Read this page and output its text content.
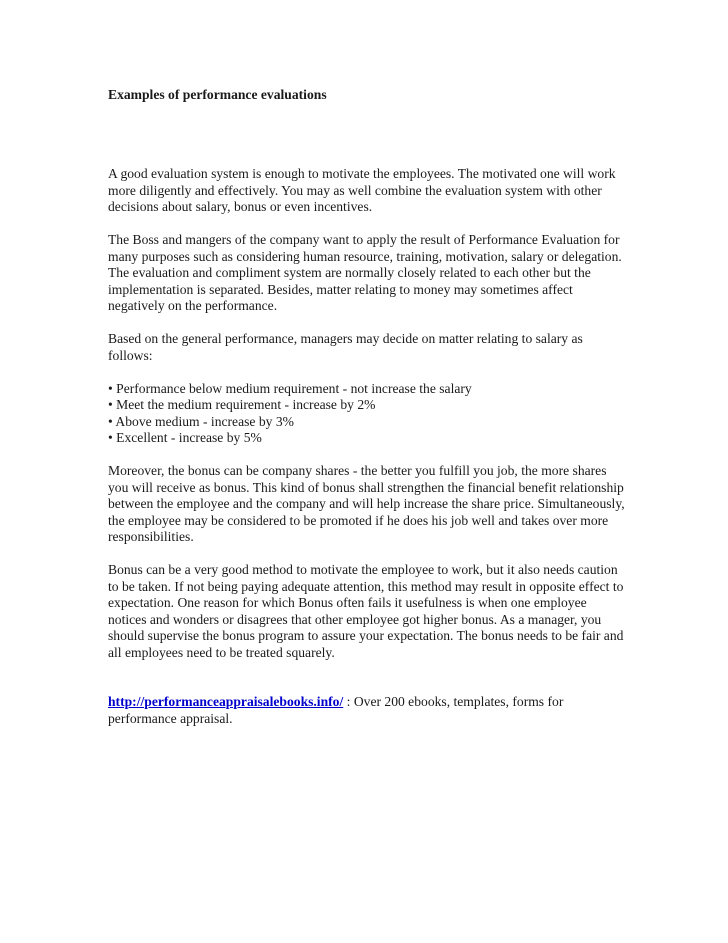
Examples of performance evaluations

A good evaluation system is enough to motivate the employees. The motivated one will work more diligently and effectively. You may as well combine the evaluation system with other decisions about salary, bonus or even incentives.

The Boss and mangers of the company want to apply the result of Performance Evaluation for many purposes such as considering human resource, training, motivation, salary or delegation. The evaluation and compliment system are normally closely related to each other but the implementation is separated. Besides, matter relating to money may sometimes affect negatively on the performance.

Based on the general performance, managers may decide on matter relating to salary as follows:

• Performance below medium requirement - not increase the salary
• Meet the medium requirement - increase by 2%
• Above medium - increase by 3%
• Excellent - increase by 5%

Moreover, the bonus can be company shares - the better you fulfill you job, the more shares you will receive as bonus. This kind of bonus shall strengthen the financial benefit relationship between the employee and the company and will help increase the share price. Simultaneously, the employee may be considered to be promoted if he does his job well and takes over more responsibilities.

Bonus can be a very good method to motivate the employee to work, but it also needs caution to be taken. If not being paying adequate attention, this method may result in opposite effect to expectation. One reason for which Bonus often fails it usefulness is when one employee notices and wonders or disagrees that other employee got higher bonus. As a manager, you should supervise the bonus program to assure your expectation. The bonus needs to be fair and all employees need to be treated squarely.

http://performanceappraisalebooks.info/ : Over 200 ebooks, templates, forms for performance appraisal.
